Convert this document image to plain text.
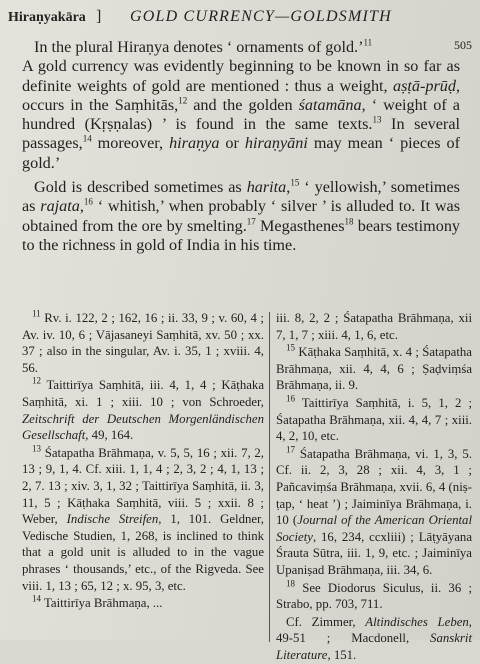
Hiraṇyakāra ] GOLD CURRENCY—GOLDSMITH
505

In the plural Hiraṇya denotes ‘ ornaments of gold.’$^{11}$
A gold currency was evidently beginning to be known in so far as definite weights of gold are mentioned : thus a weight, aṣṭā-prūḍ, occurs in the Saṃhitās,$^{12}$ and the golden śatamāna, ‘ weight of a hundred (Kṛṣṇalas) ’ is found in the same texts.$^{13}$ In several passages,$^{14}$ moreover, hiraṇya or hiraṇyāni may mean ‘ pieces of gold.’

Gold is described sometimes as harita,$^{15}$ ‘ yellowish,’ sometimes as rajata,$^{16}$ ‘ whitish,’ when probably ‘ silver ’ is alluded to. It was obtained from the ore by smelting.$^{17}$ Megasthenes$^{18}$ bears testimony to the richness in gold of India in his time.

$^{11}$ Rv. i. 122, 2 ; 162, 16 ; ii. 33, 9 ; v. 60, 4 ; Av. iv. 10, 6 ; Vājasaneyi Saṃhitā, xv. 50 ; xx. 37 ; also in the singular, Av. i. 35, 1 ; xviii. 4, 56.

$^{12}$ Taittirīya Saṃhitā, iii. 4, 1, 4 ; Kāṭhaka Saṃhitā, xi. 1 ; xiii. 10 ; von Schroeder, Zeitschrift der Deutschen Morgenländischen Gesellschaft, 49, 164.

$^{13}$ Śatapatha Brāhmaṇa, v. 5, 5, 16 ; xii. 7, 2, 13 ; 9, 1, 4. Cf. xiii. 1, 1, 4 ; 2, 3, 2 ; 4, 1, 13 ; 2, 7. 13 ; xiv. 3, 1, 32 ; Taittirīya Saṃhitā, ii. 3, 11, 5 ; Kāṭhaka Saṃhitā, viii. 5 ; xxii. 8 ; Weber, Indische Streifen, 1, 101. Geldner, Vedische Studien, 1, 268, is inclined to think that a gold unit is alluded to in the vague phrases ‘ thousands,’ etc., of the Rigveda. See viii. 1, 13 ; 65, 12 ; x. 95, 3, etc.

$^{14}$ Taittirīya Brāhmaṇa, ...

iii. 8, 2, 2 ; Śatapatha Brāhmaṇa, xii 7, 1, 7 ; xiii. 4, 1, 6, etc.

$^{15}$ Kāṭhaka Saṃhitā, x. 4 ; Śatapatha Brāhmaṇa, xii. 4, 4, 6 ; Ṣaḍviṃśa Brāhmaṇa, ii. 9.

$^{16}$ Taittirīya Saṃhitā, i. 5, 1, 2 ; Śatapatha Brāhmaṇa, xii. 4, 4, 7 ; xiii. 4, 2, 10, etc.

$^{17}$ Śatapatha Brāhmaṇa, vi. 1, 3, 5. Cf. ii. 2, 3, 28 ; xii. 4, 3, 1 ; Pañcaviṃśa Brāhmaṇa, xvii. 6, 4 (niṣ-ṭap, ‘ heat ’) ; Jaiminīya Brāhmaṇa, i. 10 (Journal of the American Oriental Society, 16, 234, ccxliii) ; Lāṭyāyana Śrauta Sūtra, iii. 1, 9, etc. ; Jaiminīya Upaniṣad Brāhmaṇa, iii. 34, 6.

$^{18}$ See Diodorus Siculus, ii. 36 ; Strabo, pp. 703, 711.

Cf. Zimmer, Altindisches Leben, 49-51 ; Macdonell, Sanskrit Literature, 151.
